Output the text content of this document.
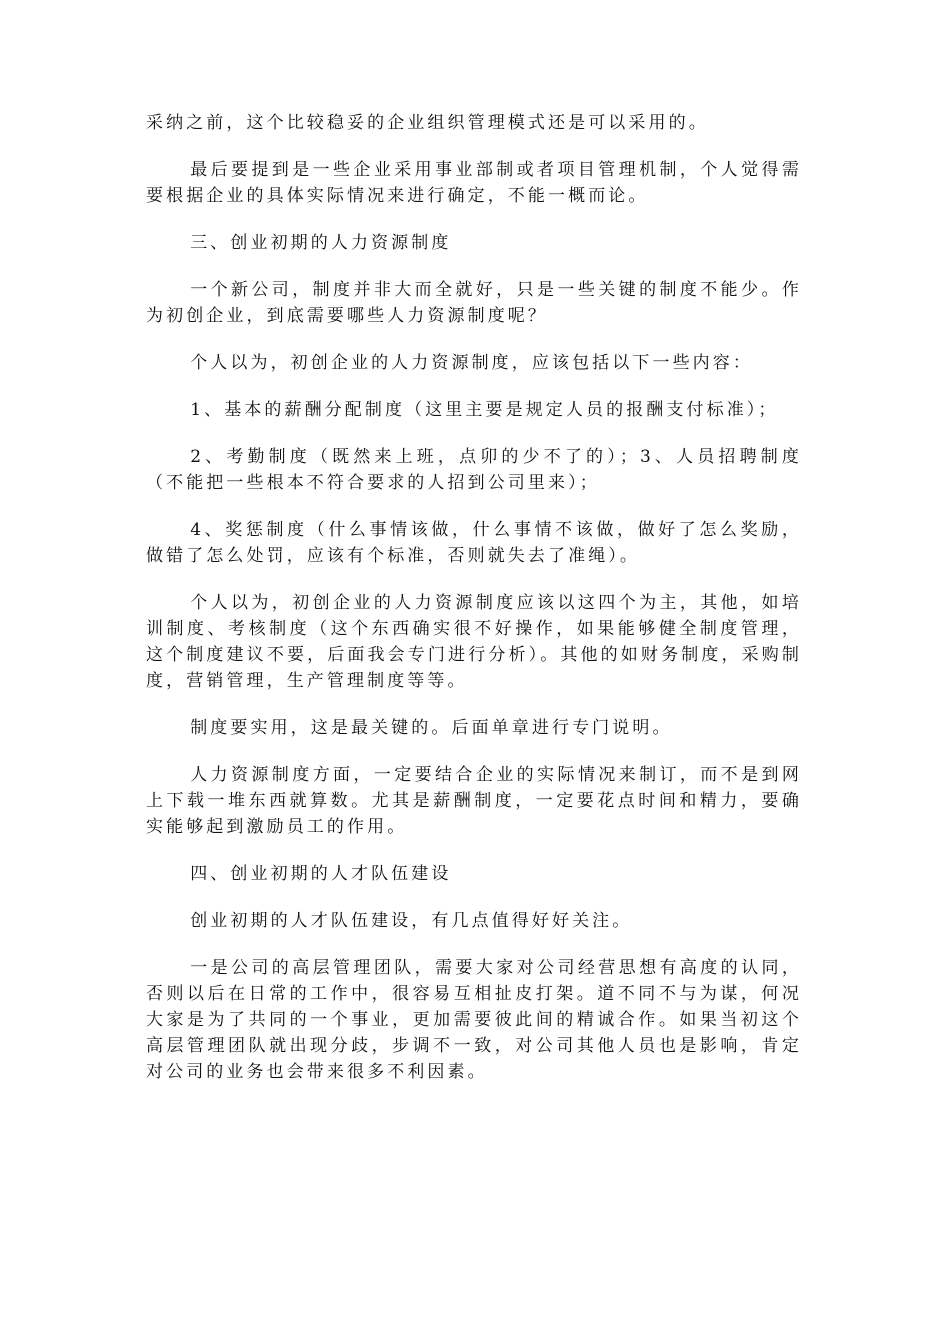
采纳之前，这个比较稳妥的企业组织管理模式还是可以采用的。

最后要提到是一些企业采用事业部制或者项目管理机制，个人觉得需要根据企业的具体实际情况来进行确定，不能一概而论。

三、创业初期的人力资源制度

一个新公司，制度并非大而全就好，只是一些关键的制度不能少。作为初创企业，到底需要哪些人力资源制度呢？

个人以为，初创企业的人力资源制度，应该包括以下一些内容：

1、基本的薪酬分配制度（这里主要是规定人员的报酬支付标准）；

2、考勤制度（既然来上班，点卯的少不了的）；3、人员招聘制度（不能把一些根本不符合要求的人招到公司里来）；

4、奖惩制度（什么事情该做，什么事情不该做，做好了怎么奖励，做错了怎么处罚，应该有个标准，否则就失去了准绳）。

个人以为，初创企业的人力资源制度应该以这四个为主，其他，如培训制度、考核制度（这个东西确实很不好操作，如果能够健全制度管理，这个制度建议不要，后面我会专门进行分析）。其他的如财务制度，采购制度，营销管理，生产管理制度等等。

制度要实用，这是最关键的。后面单章进行专门说明。

人力资源制度方面，一定要结合企业的实际情况来制订，而不是到网上下载一堆东西就算数。尤其是薪酬制度，一定要花点时间和精力，要确实能够起到激励员工的作用。

四、创业初期的人才队伍建设

创业初期的人才队伍建设，有几点值得好好关注。

一是公司的高层管理团队，需要大家对公司经营思想有高度的认同，否则以后在日常的工作中，很容易互相扯皮打架。道不同不与为谋，何况大家是为了共同的一个事业，更加需要彼此间的精诚合作。如果当初这个高层管理团队就出现分歧，步调不一致，对公司其他人员也是影响，肯定对公司的业务也会带来很多不利因素。
